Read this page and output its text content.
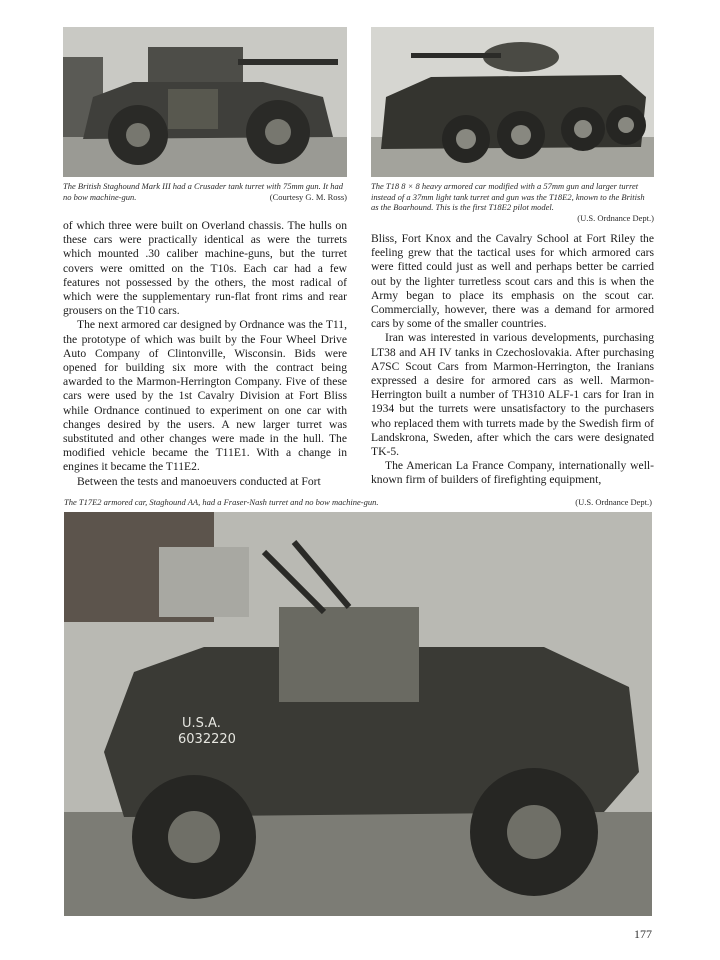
The British Staghound Mark III had a Crusader tank turret with 75mm gun. It had no bow machine-gun.	(Courtesy G. M. Ross)
The T18 8 × 8 heavy armored car modified with a 57mm gun and larger turret instead of a 37mm light tank turret and gun was the T18E2, known to the British as the Boarhound. This is the first T18E2 pilot model.
(U.S. Ordnance Dept.)

of which three were built on Overland chassis. The hulls on these cars were practically identical as were the turrets which mounted .30 caliber machine-guns, but the turret covers were omitted on the T10s. Each car had a few features not possessed by the others, the most radical of which were the supplementary run-flat front rims and rear grousers on the T10 cars.

The next armored car designed by Ordnance was the T11, the prototype of which was built by the Four Wheel Drive Auto Company of Clintonville, Wisconsin. Bids were opened for building six more with the contract being awarded to the Marmon-Herrington Company. Five of these cars were used by the 1st Cavalry Division at Fort Bliss while Ordnance continued to experiment on one car with changes desired by the users. A new larger turret was substituted and other changes were made in the hull. The modified vehicle became the T11E1. With a change in engines it became the T11E2.

Between the tests and manoeuvers conducted at Fort

Bliss, Fort Knox and the Cavalry School at Fort Riley the feeling grew that the tactical uses for which armored cars were fitted could just as well and perhaps better be carried out by the lighter turretless scout cars and this is when the Army began to place its emphasis on the scout car. Commercially, however, there was a demand for armored cars by some of the smaller countries.

Iran was interested in various developments, purchasing LT38 and AH IV tanks in Czechoslovakia. After purchasing A7SC Scout Cars from Marmon-Herrington, the Iranians expressed a desire for armored cars as well. Marmon-Herrington built a number of TH310 ALF-1 cars for Iran in 1934 but the turrets were unsatisfactory to the purchasers who replaced them with turrets made by the Swedish firm of Landskrona, Sweden, after which the cars were designated TK-5.

The American La France Company, internationally well-known firm of builders of firefighting equipment,

The T17E2 armored car, Staghound AA, had a Fraser-Nash turret and no bow machine-gun.	(U.S. Ordnance Dept.)
U.S.A.
6032220
177
